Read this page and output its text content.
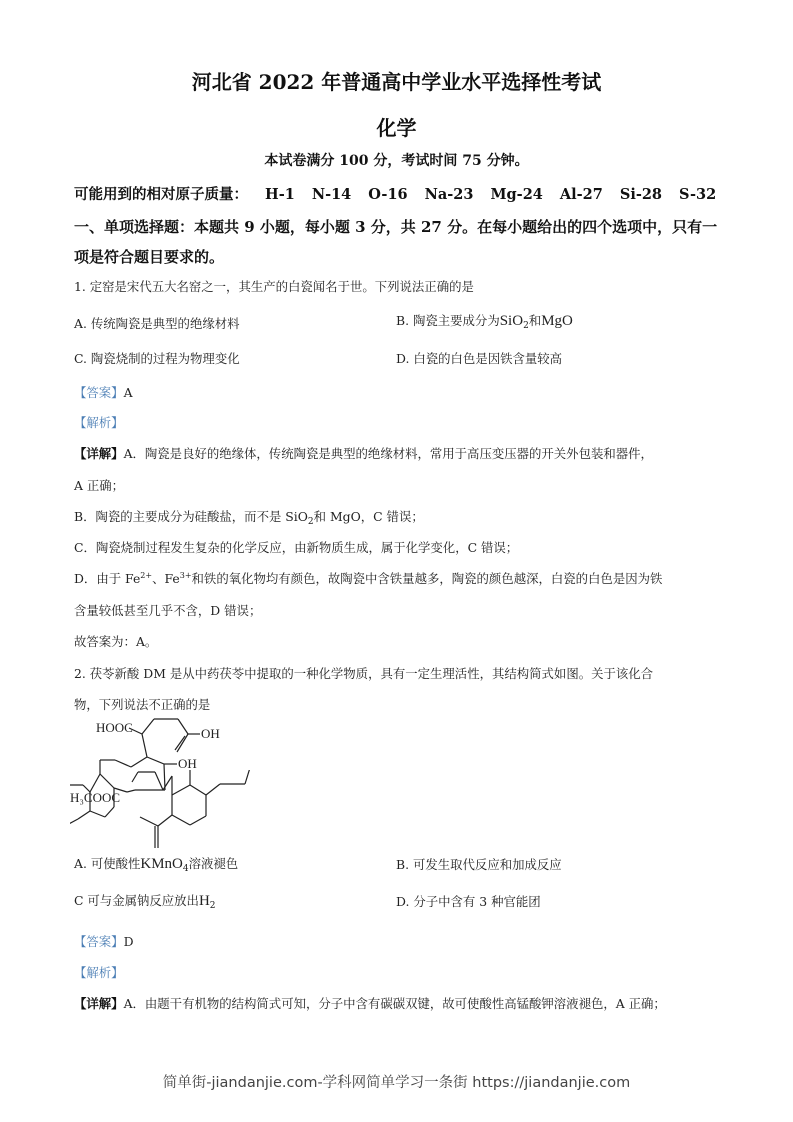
河北省 2022 年普通高中学业水平选择性考试
化学
本试卷满分 100 分，考试时间 75 分钟。
可能用到的相对原子质量： H-1 N-14 O-16 Na-23 Mg-24 Al-27 Si-28 S-32
一、单项选择题：本题共 9 小题，每小题 3 分，共 27 分。在每小题给出的四个选项中，只有一项是符合题目要求的。
1. 定窑是宋代五大名窑之一，其生产的白瓷闻名于世。下列说法正确的是
A. 传统陶瓷是典型的绝缘材料	B. 陶瓷主要成分为SiO$_2$和MgO
C. 陶瓷烧制的过程为物理变化	D. 白瓷的白色是因铁含量较高
【答案】A
【解析】
【详解】A．陶瓷是良好的绝缘体，传统陶瓷是典型的绝缘材料，常用于高压变压器的开关外包装和器件，
A 正确；
B．陶瓷的主要成分为硅酸盐，而不是 SiO$_2$和 MgO，C 错误；
C．陶瓷烧制过程发生复杂的化学反应，由新物质生成，属于化学变化，C 错误；
D．由于 $Fe^{2+}$、$Fe^{3+}$和铁的氧化物均有颜色，故陶瓷中含铁量越多，陶瓷的颜色越深，白瓷的白色是因为铁
含量较低甚至几乎不含，D 错误；
故答案为：A。
2. 茯苓新酸 DM 是从中药茯苓中提取的一种化学物质，具有一定生理活性，其结构简式如图。关于该化合
物，下列说法不正确的是
HOOC	OH
OH
H₃COOC
A. 可使酸性KMnO$_4$溶液褪色	B. 可发生取代反应和加成反应
C 可与金属钠反应放出$H_2$	D. 分子中含有 3 种官能团
【答案】D
【解析】
【详解】A．由题干有机物的结构简式可知，分子中含有碳碳双键，故可使酸性高锰酸钾溶液褪色，A 正确；
简单街-jiandanjie.com-学科网简单学习一条街 https://jiandanjie.com
